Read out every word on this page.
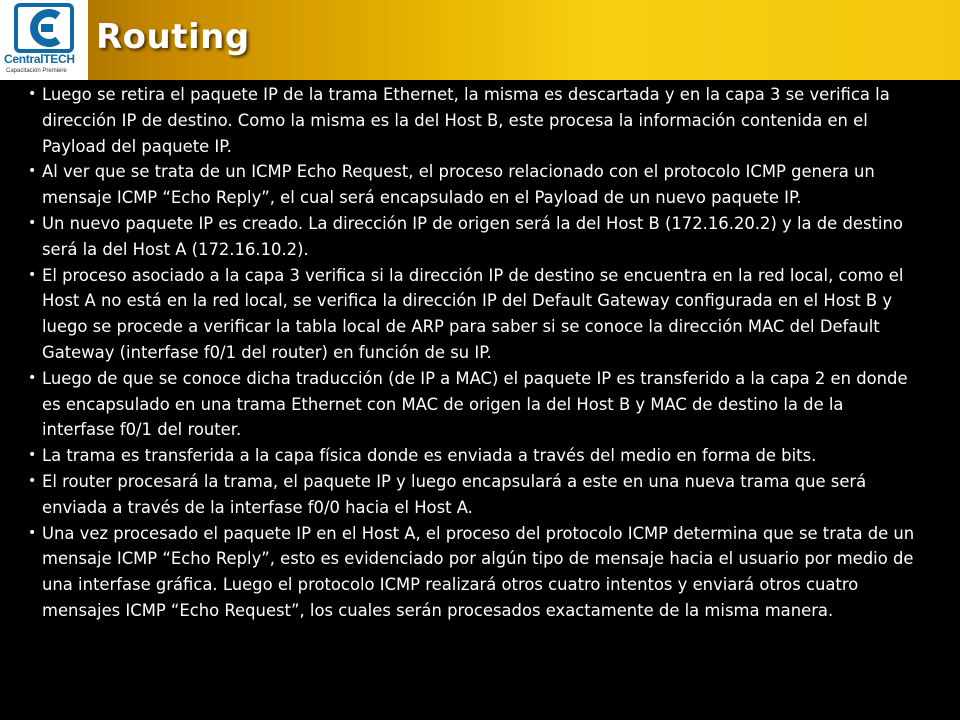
CentralTECH
Capacitación Premiere
Routing
• Luego se retira el paquete IP de la trama Ethernet, la misma es descartada y en la capa 3 se verifica la dirección IP de destino. Como la misma es la del Host B, este procesa la información contenida en el Payload del paquete IP.
• Al ver que se trata de un ICMP Echo Request, el proceso relacionado con el protocolo ICMP genera un mensaje ICMP “Echo Reply”, el cual será encapsulado en el Payload de un nuevo paquete IP.
• Un nuevo paquete IP es creado. La dirección IP de origen será la del Host B (172.16.20.2) y la de destino será la del Host A (172.16.10.2).
• El proceso asociado a la capa 3 verifica si la dirección IP de destino se encuentra en la red local, como el Host A no está en la red local, se verifica la dirección IP del Default Gateway configurada en el Host B y luego se procede a verificar la tabla local de ARP para saber si se conoce la dirección MAC del Default Gateway (interfase f0/1 del router) en función de su IP.
• Luego de que se conoce dicha traducción (de IP a MAC) el paquete IP es transferido a la capa 2 en donde es encapsulado en una trama Ethernet con MAC de origen la del Host B y MAC de destino la de la interfase f0/1 del router.
• La trama es transferida a la capa física donde es enviada a través del medio en forma de bits.
• El router procesará la trama, el paquete IP y luego encapsulará a este en una nueva trama que será enviada a través de la interfase f0/0 hacia el Host A.
• Una vez procesado el paquete IP en el Host A, el proceso del protocolo ICMP determina que se trata de un mensaje ICMP “Echo Reply”, esto es evidenciado por algún tipo de mensaje hacia el usuario por medio de una interfase gráfica. Luego el protocolo ICMP realizará otros cuatro intentos y enviará otros cuatro mensajes ICMP “Echo Request”, los cuales serán procesados exactamente de la misma manera.
